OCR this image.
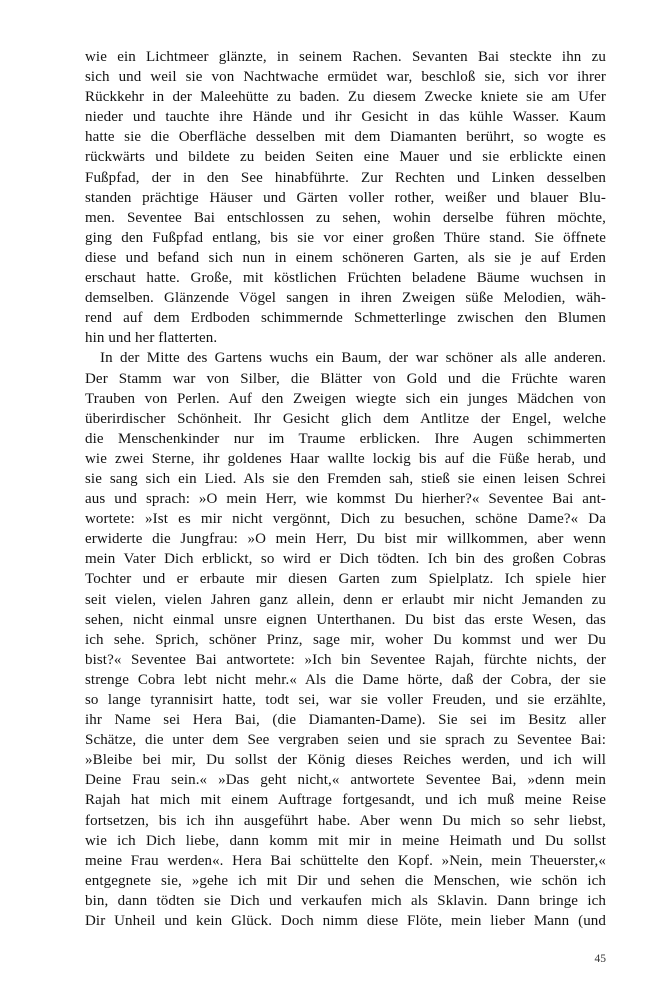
wie ein Lichtmeer glänzte, in seinem Rachen. Sevanten Bai steckte ihn zu
sich und weil sie von Nachtwache ermüdet war, beschloß sie, sich vor ihrer
Rückkehr in der Maleehütte zu baden. Zu diesem Zwecke kniete sie am Ufer
nieder und tauchte ihre Hände und ihr Gesicht in das kühle Wasser. Kaum
hatte sie die Oberfläche desselben mit dem Diamanten berührt, so wogte es
rückwärts und bildete zu beiden Seiten eine Mauer und sie erblickte einen
Fußpfad, der in den See hinabführte. Zur Rechten und Linken desselben
standen prächtige Häuser und Gärten voller rother, weißer und blauer Blu-
men. Seventee Bai entschlossen zu sehen, wohin derselbe führen möchte,
ging den Fußpfad entlang, bis sie vor einer großen Thüre stand. Sie öffnete
diese und befand sich nun in einem schöneren Garten, als sie je auf Erden
erschaut hatte. Große, mit köstlichen Früchten beladene Bäume wuchsen in
demselben. Glänzende Vögel sangen in ihren Zweigen süße Melodien, wäh-
rend auf dem Erdboden schimmernde Schmetterlinge zwischen den Blumen
hin und her flatterten.
In der Mitte des Gartens wuchs ein Baum, der war schöner als alle anderen.
Der Stamm war von Silber, die Blätter von Gold und die Früchte waren
Trauben von Perlen. Auf den Zweigen wiegte sich ein junges Mädchen von
überirdischer Schönheit. Ihr Gesicht glich dem Antlitze der Engel, welche
die Menschenkinder nur im Traume erblicken. Ihre Augen schimmerten
wie zwei Sterne, ihr goldenes Haar wallte lockig bis auf die Füße herab, und
sie sang sich ein Lied. Als sie den Fremden sah, stieß sie einen leisen Schrei
aus und sprach: »O mein Herr, wie kommst Du hierher?« Seventee Bai ant-
wortete: »Ist es mir nicht vergönnt, Dich zu besuchen, schöne Dame?« Da
erwiderte die Jungfrau: »O mein Herr, Du bist mir willkommen, aber wenn
mein Vater Dich erblickt, so wird er Dich tödten. Ich bin des großen Cobras
Tochter und er erbaute mir diesen Garten zum Spielplatz. Ich spiele hier
seit vielen, vielen Jahren ganz allein, denn er erlaubt mir nicht Jemanden zu
sehen, nicht einmal unsre eignen Unterthanen. Du bist das erste Wesen, das
ich sehe. Sprich, schöner Prinz, sage mir, woher Du kommst und wer Du
bist?« Seventee Bai antwortete: »Ich bin Seventee Rajah, fürchte nichts, der
strenge Cobra lebt nicht mehr.« Als die Dame hörte, daß der Cobra, der sie
so lange tyrannisirt hatte, todt sei, war sie voller Freuden, und sie erzählte,
ihr Name sei Hera Bai, (die Diamanten-Dame). Sie sei im Besitz aller
Schätze, die unter dem See vergraben seien und sie sprach zu Seventee Bai:
»Bleibe bei mir, Du sollst der König dieses Reiches werden, und ich will
Deine Frau sein.« »Das geht nicht,« antwortete Seventee Bai, »denn mein
Rajah hat mich mit einem Auftrage fortgesandt, und ich muß meine Reise
fortsetzen, bis ich ihn ausgeführt habe. Aber wenn Du mich so sehr liebst,
wie ich Dich liebe, dann komm mit mir in meine Heimath und Du sollst
meine Frau werden«. Hera Bai schüttelte den Kopf. »Nein, mein Theuerster,«
entgegnete sie, »gehe ich mit Dir und sehen die Menschen, wie schön ich
bin, dann tödten sie Dich und verkaufen mich als Sklavin. Dann bringe ich
Dir Unheil und kein Glück. Doch nimm diese Flöte, mein lieber Mann (und
45
